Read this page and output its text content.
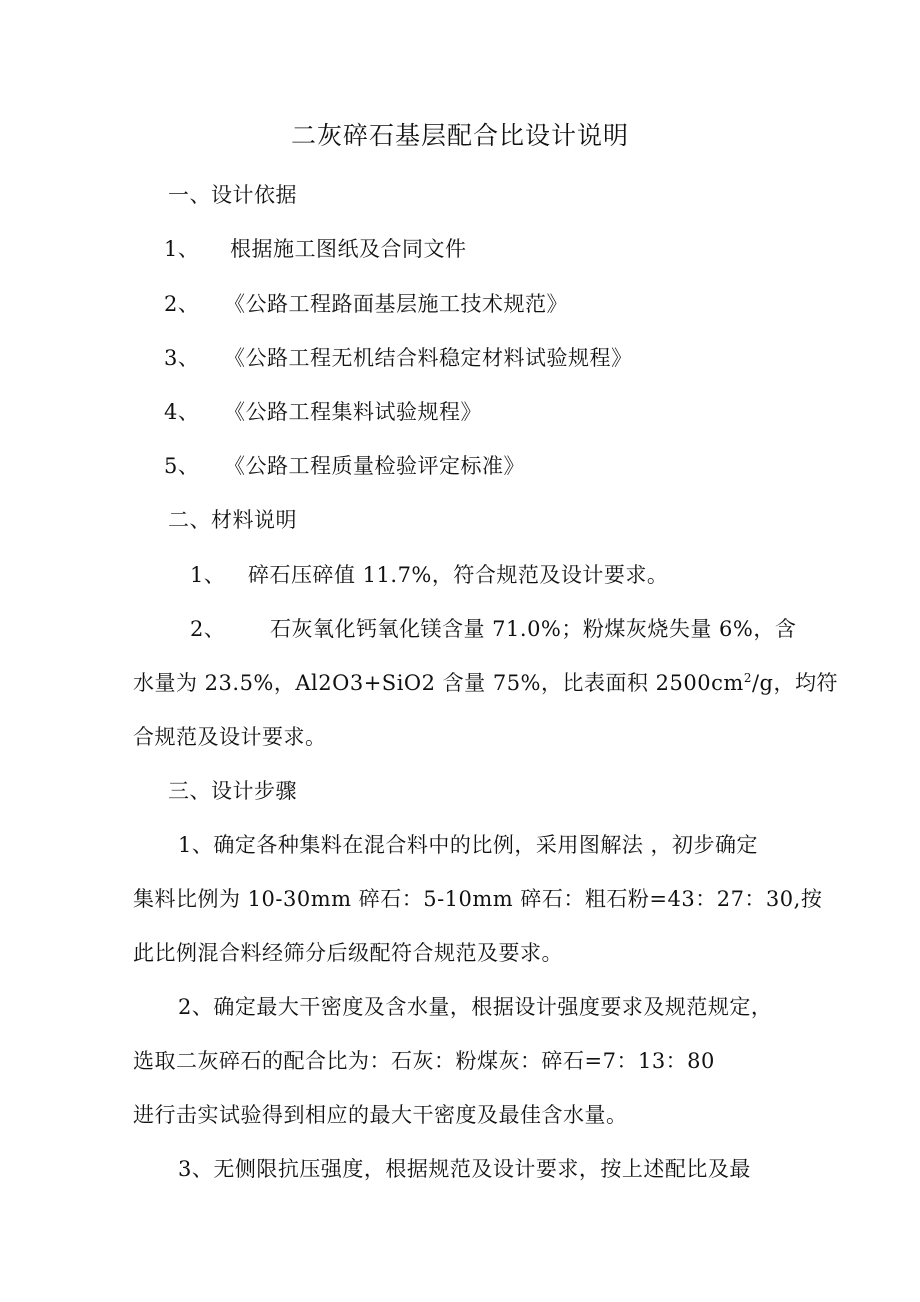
二灰碎石基层配合比设计说明
一、设计依据
1、 根据施工图纸及合同文件
2、 《公路工程路面基层施工技术规范》
3、 《公路工程无机结合料稳定材料试验规程》
4、 《公路工程集料试验规程》
5、 《公路工程质量检验评定标准》
二、材料说明
1、 碎石压碎值 11.7%，符合规范及设计要求。
2、 石灰氧化钙氧化镁含量 71.0%；粉煤灰烧失量 6%，含
水量为 23.5%，Al2O3+SiO2 含量 75%，比表面积 $2500cm^2/g$，均符
合规范及设计要求。
三、设计步骤
1、确定各种集料在混合料中的比例，采用图解法 ，初步确定
集料比例为 10-30mm 碎石：5-10mm 碎石：粗石粉=43：27：30,按
此比例混合料经筛分后级配符合规范及要求。
2、确定最大干密度及含水量，根据设计强度要求及规范规定，
选取二灰碎石的配合比为：石灰：粉煤灰：碎石=7：13：80
进行击实试验得到相应的最大干密度及最佳含水量。
3、无侧限抗压强度，根据规范及设计要求，按上述配比及最
